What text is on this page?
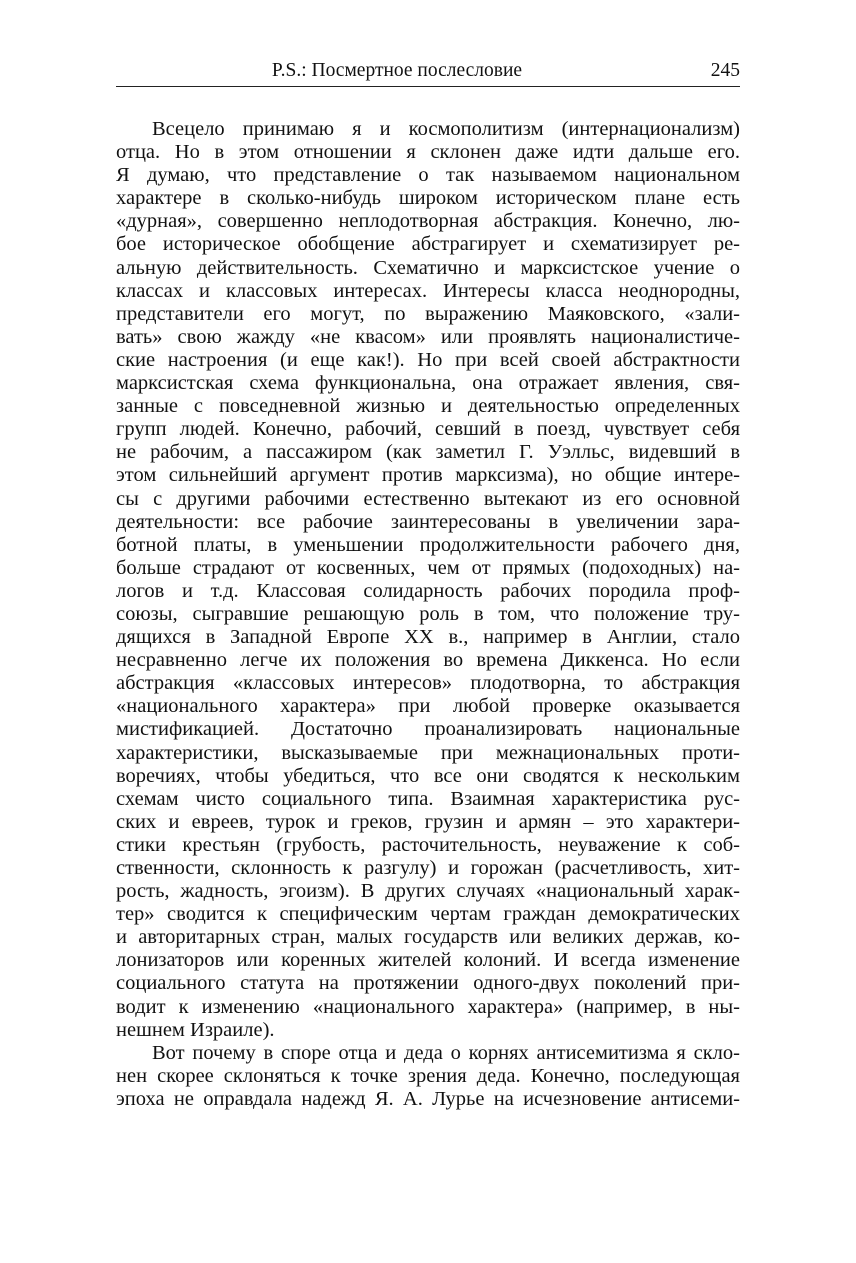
P.S.: Посмертное послесловие	245
Всецело принимаю я и космополитизм (интернационализм)
отца. Но в этом отношении я склонен даже идти дальше его.
Я думаю, что представление о так называемом национальном
характере в сколько-нибудь широком историческом плане есть
«дурная», совершенно неплодотворная абстракция. Конечно, лю-
бое историческое обобщение абстрагирует и схематизирует ре-
альную действительность. Схематично и марксистское учение о
классах и классовых интересах. Интересы класса неоднородны,
представители его могут, по выражению Маяковского, «зали-
вать» свою жажду «не квасом» или проявлять националистиче-
ские настроения (и еще как!). Но при всей своей абстрактности
марксистская схема функциональна, она отражает явления, свя-
занные с повседневной жизнью и деятельностью определенных
групп людей. Конечно, рабочий, севший в поезд, чувствует себя
не рабочим, а пассажиром (как заметил Г. Уэлльс, видевший в
этом сильнейший аргумент против марксизма), но общие интере-
сы с другими рабочими естественно вытекают из его основной
деятельности: все рабочие заинтересованы в увеличении зара-
ботной платы, в уменьшении продолжительности рабочего дня,
больше страдают от косвенных, чем от прямых (подоходных) на-
логов и т.д. Классовая солидарность рабочих породила проф-
союзы, сыгравшие решающую роль в том, что положение тру-
дящихся в Западной Европе XX в., например в Англии, стало
несравненно легче их положения во времена Диккенса. Но если
абстракция «классовых интересов» плодотворна, то абстракция
«национального характера» при любой проверке оказывается
мистификацией. Достаточно проанализировать национальные
характеристики, высказываемые при межнациональных проти-
воречиях, чтобы убедиться, что все они сводятся к нескольким
схемам чисто социального типа. Взаимная характеристика рус-
ских и евреев, турок и греков, грузин и армян – это характери-
стики крестьян (грубость, расточительность, неуважение к соб-
ственности, склонность к разгулу) и горожан (расчетливость, хит-
рость, жадность, эгоизм). В других случаях «национальный харак-
тер» сводится к специфическим чертам граждан демократических
и авторитарных стран, малых государств или великих держав, ко-
лонизаторов или коренных жителей колоний. И всегда изменение
социального статута на протяжении одного-двух поколений при-
водит к изменению «национального характера» (например, в ны-
нешнем Израиле).
Вот почему в споре отца и деда о корнях антисемитизма я скло-
нен скорее склоняться к точке зрения деда. Конечно, последующая
эпоха не оправдала надежд Я. А. Лурье на исчезновение антисеми-
